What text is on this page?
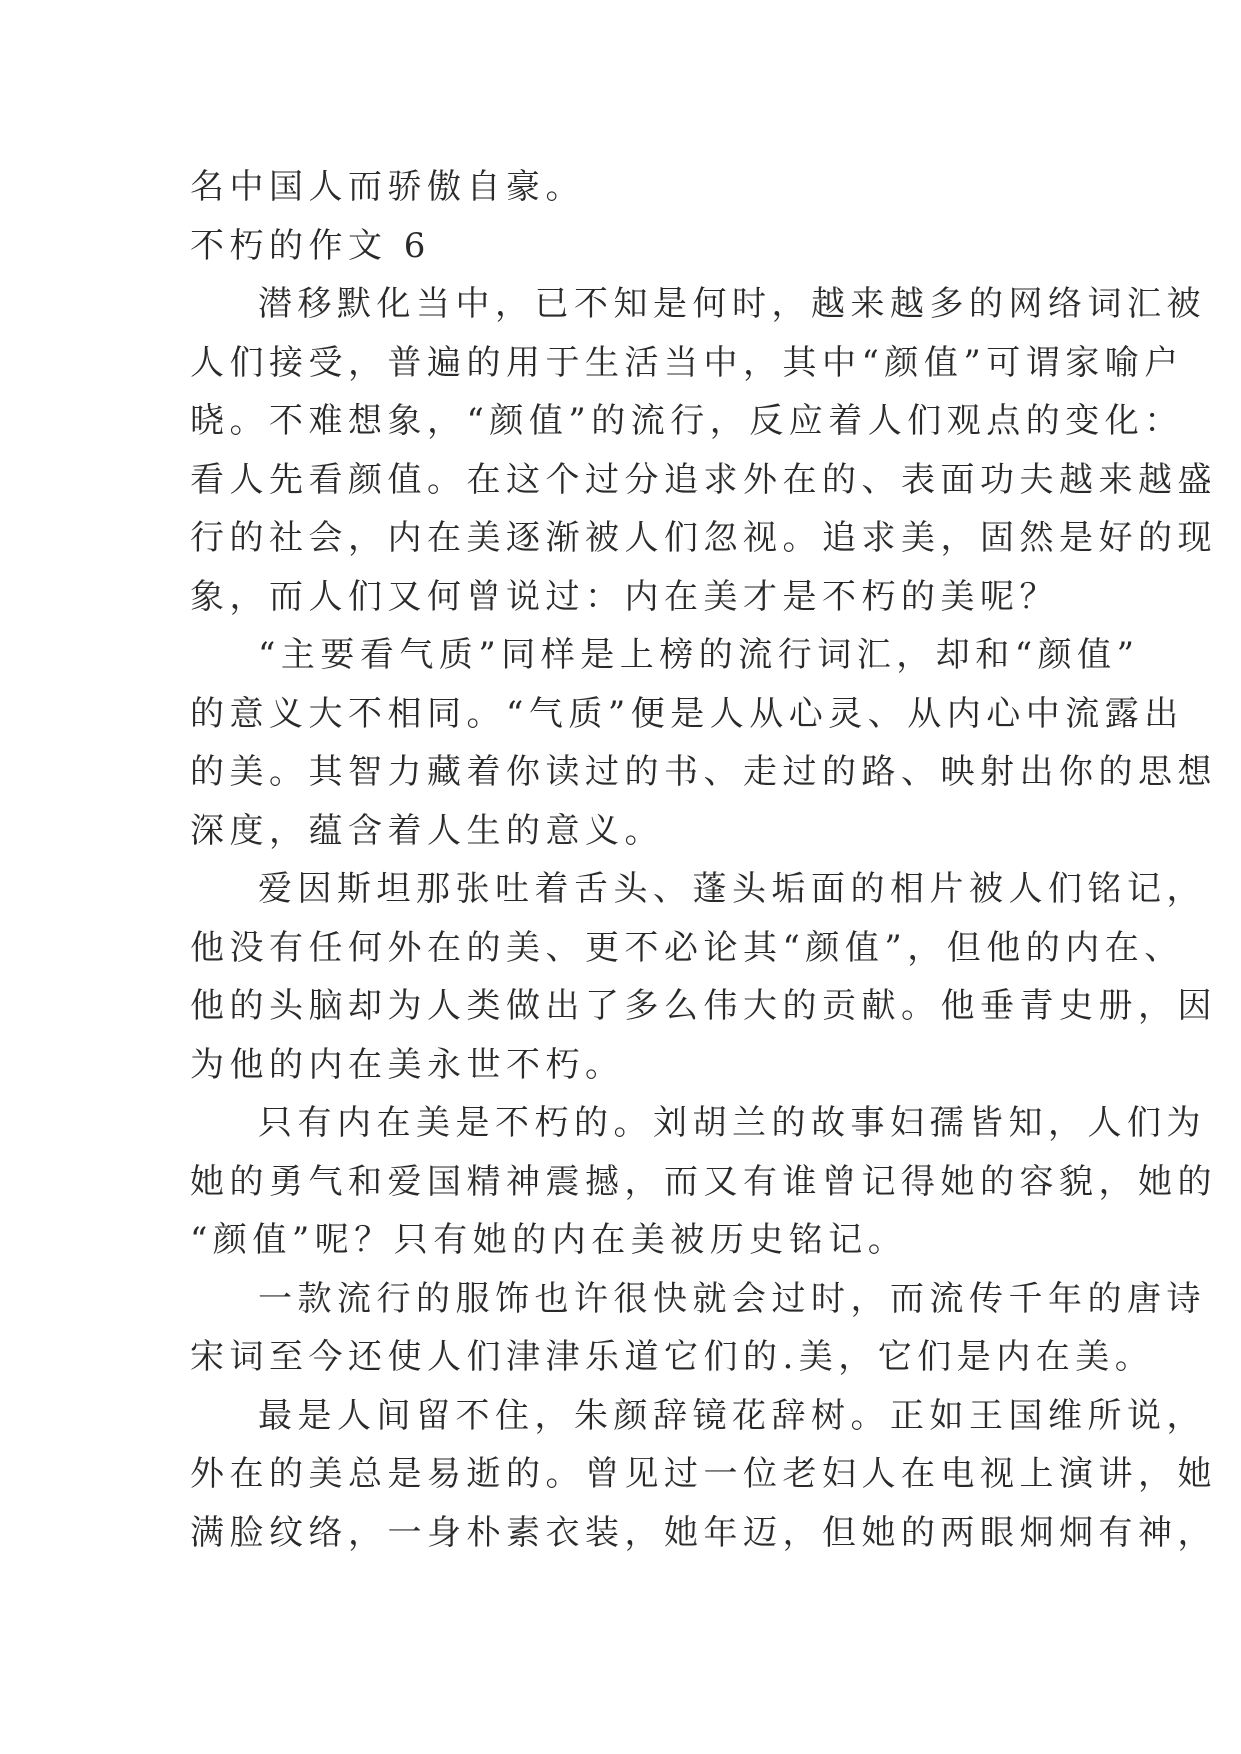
名中国人而骄傲自豪。
不朽的作文 6
潜移默化当中，已不知是何时，越来越多的网络词汇被
人们接受，普遍的用于生活当中，其中“颜值”可谓家喻户
晓。不难想象，“颜值”的流行，反应着人们观点的变化：
看人先看颜值。在这个过分追求外在的、表面功夫越来越盛
行的社会，内在美逐渐被人们忽视。追求美，固然是好的现
象，而人们又何曾说过：内在美才是不朽的美呢？
“主要看气质”同样是上榜的流行词汇，却和“颜值”
的意义大不相同。“气质”便是人从心灵、从内心中流露出
的美。其智力藏着你读过的书、走过的路、映射出你的思想
深度，蕴含着人生的意义。
爱因斯坦那张吐着舌头、蓬头垢面的相片被人们铭记，
他没有任何外在的美、更不必论其“颜值”，但他的内在、
他的头脑却为人类做出了多么伟大的贡献。他垂青史册，因
为他的内在美永世不朽。
只有内在美是不朽的。刘胡兰的故事妇孺皆知，人们为
她的勇气和爱国精神震撼，而又有谁曾记得她的容貌，她的
“颜值”呢？只有她的内在美被历史铭记。
一款流行的服饰也许很快就会过时，而流传千年的唐诗
宋词至今还使人们津津乐道它们的.美，它们是内在美。
最是人间留不住，朱颜辞镜花辞树。正如王国维所说，
外在的美总是易逝的。曾见过一位老妇人在电视上演讲，她
满脸纹络，一身朴素衣装，她年迈，但她的两眼炯炯有神，
